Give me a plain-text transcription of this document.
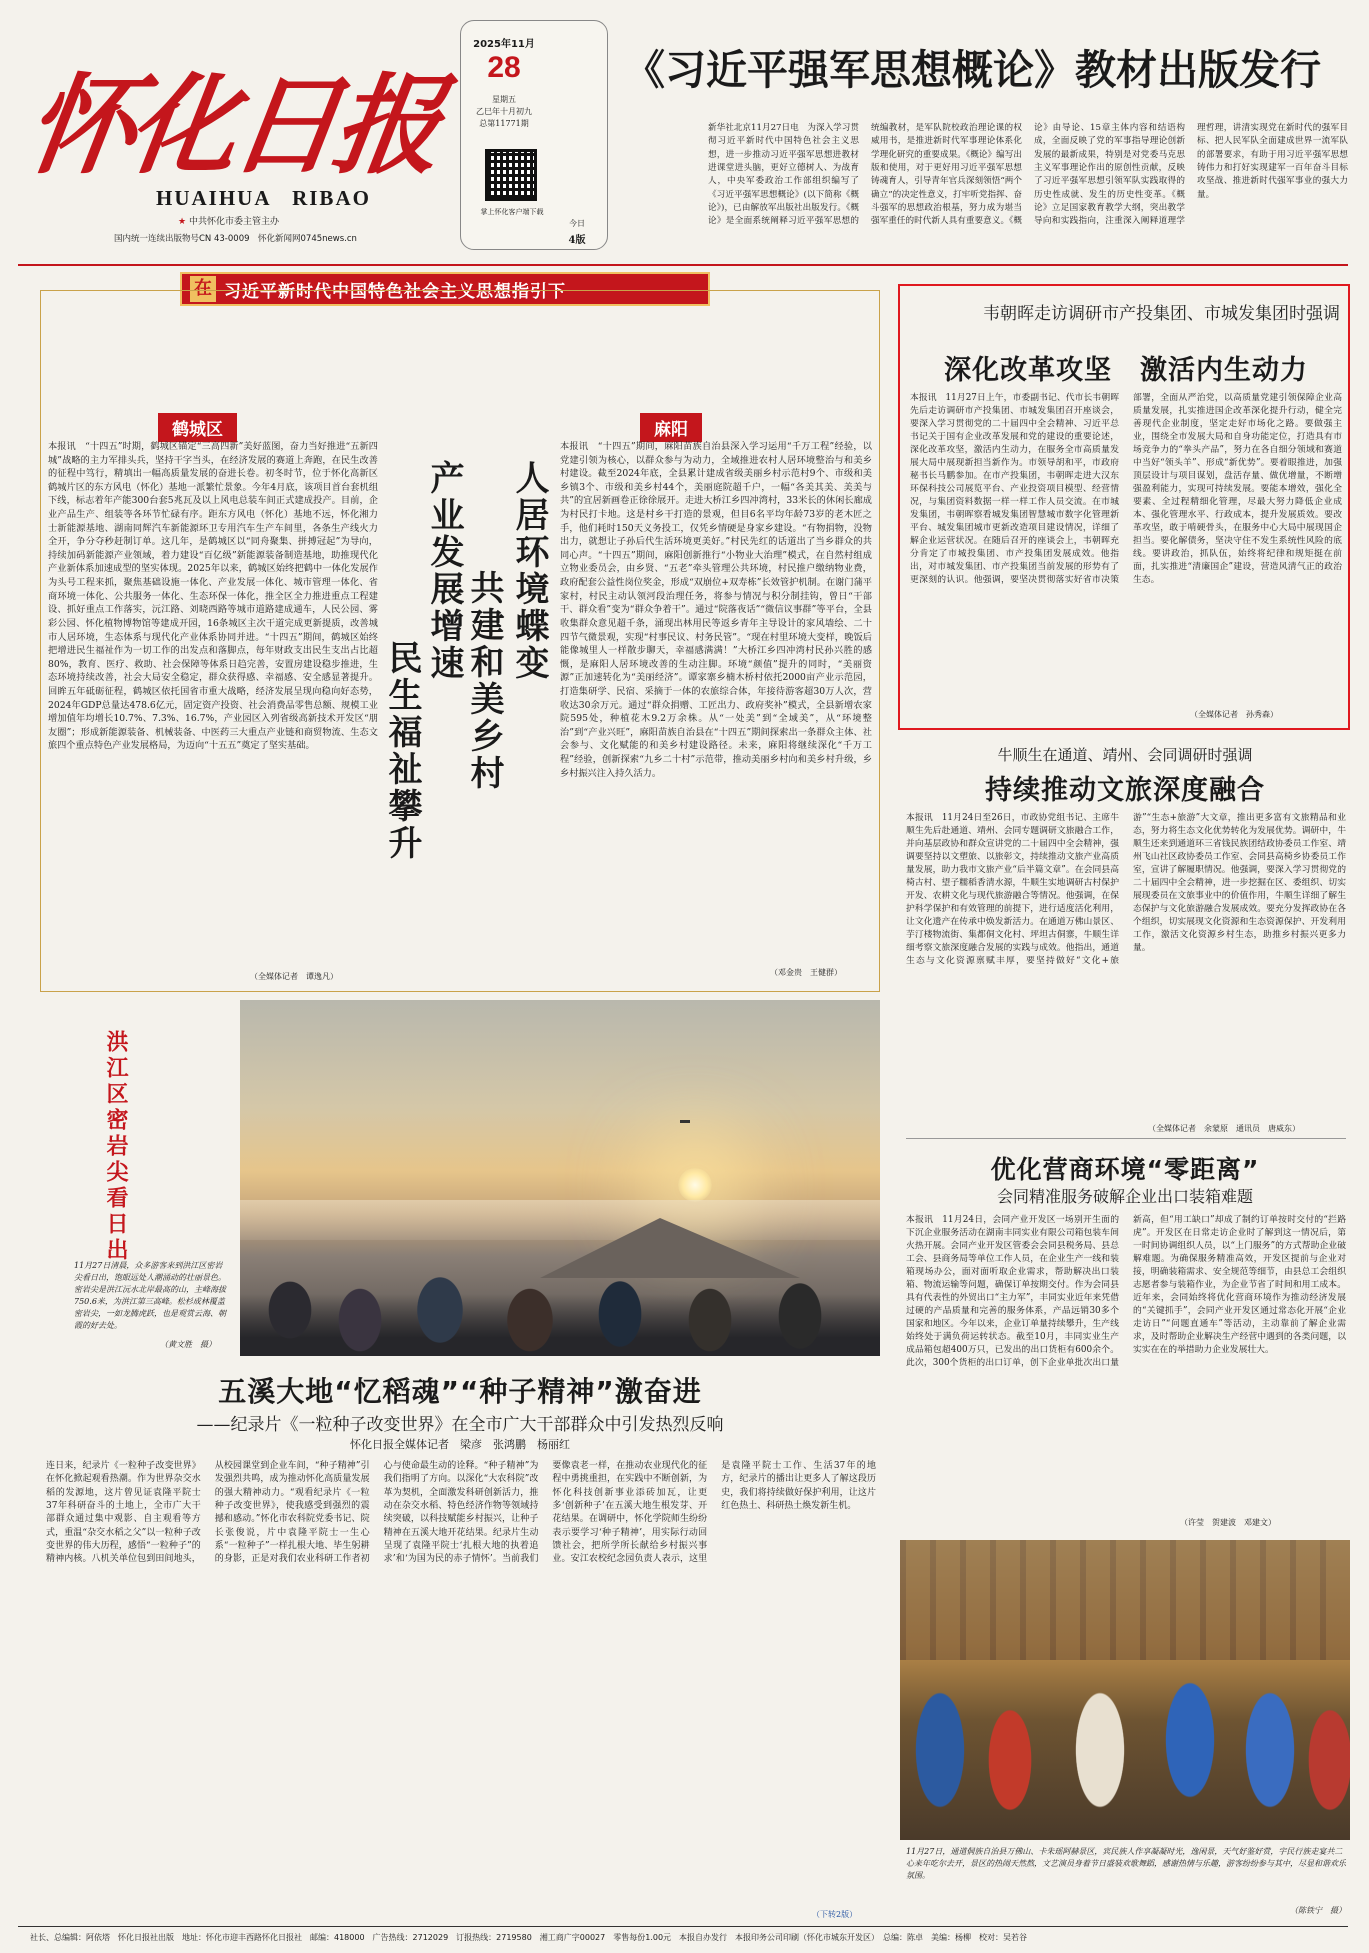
怀化日报
HUAIHUA   RIBAO
★ 中共怀化市委主管主办
国内统一连续出版物号CN 43-0009　怀化新闻网0745news.cn
2025年11月
28
星期五
乙巳年十月初九
总第11771期
掌上怀化客户端下载
今日
4版
《习近平强军思想概论》教材出版发行
新华社北京11月27日电　为深入学习贯彻习近平新时代中国特色社会主义思想，进一步推动习近平强军思想进教材进课堂进头脑，更好立德树人、为战育人，中央军委政治工作部组织编写了《习近平强军思想概论》(以下简称《概论》)，已由解放军出版社出版发行。《概论》是全面系统阐释习近平强军思想的统编教材，是军队院校政治理论课的权威用书，是推进新时代军事理论体系化学理化研究的重要成果。《概论》编写出版和使用，对于更好用习近平强军思想铸魂育人，引导青年官兵深刻领悟“两个确立”的决定性意义，打牢听党指挥、奋斗强军的思想政治根基，努力成为堪当强军重任的时代新人具有重要意义。《概论》由导论、15章主体内容和结语构成，全面反映了党的军事指导理论创新发展的最新成果，特别是对党委马克思主义军事理论作出的原创性贡献，反映了习近平强军思想引领军队实践取得的历史性成就、发生的历史性变革。《概论》立足国家教育教学大纲，突出教学导向和实践指向，注重深入阐释道理学理哲理，讲清实现党在新时代的强军目标、把人民军队全面建成世界一流军队的部署要求，有助于用习近平强军思想铸伟力和打好实现建军一百年奋斗目标攻坚战、推进新时代强军事业的强大力量。
在 习近平新时代中国特色社会主义思想指引下
鹤城区
本报讯　“十四五”时期，鹤城区锚定“三高四新”美好蓝图，奋力当好推进“五新四城”战略的主力军排头兵，坚持干字当头，在经济发展的赛道上奔跑，在民生改善的征程中笃行，精填出一幅高质量发展的奋进长卷。初冬时节，位于怀化高新区鹤城片区的东方风电（怀化）基地一派繁忙景象。今年4月底，该项目首台套机组下线，标志着年产能300台套5兆瓦及以上风电总装车间正式建成投产。目前，企业产品生产、组装等各环节忙碌有序。距东方风电（怀化）基地不远，怀化湘力士新能源基地、湖南同辉汽车新能源环卫专用汽车生产车间里，各条生产线火力全开，争分夺秒赶制订单。这几年，是鹤城区以“同舟聚集、拼搏冠起”为导向，持续加码新能源产业领域，着力建设“百亿级”新能源装备制造基地，助推现代化产业新体系加速成型的坚实体现。2025年以来，鹤城区始终把鹤中一体化发展作为头号工程来抓，聚焦基础设施一体化、产业发展一体化、城市管理一体化、省商环境一体化、公共服务一体化、生态环保一体化，推全区全力推进重点工程建设、抓好重点工作落实，沅江路、刘晓西路等城市道路建成通车，人民公园、雾彩公园、怀化植物博物馆等建成开园，16条城区主次干道完成更新提质，改善城市人居环境，生态体系与现代化产业体系协同并进。“十四五”期间，鹤城区始终把增进民生福祉作为一切工作的出发点和落脚点，每年财政支出民生支出占比超80%，教育、医疗、救助、社会保障等体系日趋完善，安置房建设稳步推进，生态环境持续改善，社会大局安全稳定，群众获得感、幸福感、安全感显著提升。回眸五年砥砺征程，鹤城区依托国省市重大战略，经济发展呈现向稳向好态势，2024年GDP总量达478.6亿元，固定资产投资、社会消费品零售总额、规模工业增加值年均增长10.7%、7.3%、16.7%，产业园区入列省级高新技术开发区“朋友圈”；形成新能源装备、机械装备、中医药三大重点产业链和商贸物流、生态文旅四个重点特色产业发展格局，为迈向“十五五”奠定了坚实基础。
（全媒体记者　谭逸凡）
产业发展增速
民生福祉攀升
人居环境蝶变
共建和美乡村
麻阳
本报讯　“十四五”期间，麻阳苗族自治县深入学习运用“千万工程”经验，以党建引领为核心，以群众参与为动力，全域推进农村人居环境整治与和美乡村建设。截至2024年底，全县累计建成省级美丽乡村示范村9个、市级和美乡镇3个、市级和美乡村44个，美丽庭院超千户，一幅“各美其美、美美与共”的宜居新画卷正徐徐展开。走进大桥江乡四冲湾村，33米长的休闲长廊成为村民打卡地。这是村乡干打造的景观，但目6名平均年龄73岁的老木匠之手，他们耗时150天义务投工，仅凭乡情硬是身家乡建设。“有物捐物，没物出力，就想让子孙后代生活环境更美好。”村民先红的话道出了当乡群众的共同心声。“十四五”期间，麻阳创新推行“小物业大治理”模式，在自然村组成立物业委员会，由乡贤、“五老”牵头管理公共环境，村民推户缴纳物业费，政府配套公益性岗位奖金，形成“双崩位+双寿栋”长效管护机制。在谢门蒲平家村，村民主动认领河段治理任务，将参与情况与积分制挂钩，曾日“干部干、群众看”变为“群众争着干”。通过“院落夜话”“微信议事群”等平台，全县收集群众意见超千条，涌现出林用民等返乡青年主导设计的家风墙绘、二十四节气微景观，实现“村事民议、村务民管”。“现在村里环境大变样，晚饭后能像城里人一样散步聊天，幸福感满满！”大桥江乡四冲湾村民孙兴胜的感慨，是麻阳人居环境改善的生动注脚。环境“颜值”提升的同时，“美丽资源”正加速转化为“美丽经济”。谭家寨乡楠木桥村依托2000亩产业示范园，打造集研学、民宿、采摘于一体的农旅综合体，年接待游客超30万人次，营收达30余万元。通过“群众捐赠、工匠出力、政府奖补”模式，全县新增农家院595处，种植花木9.2万余株。从“一处美”到“全域美”，从“环境整治”到“产业兴旺”，麻阳苗族自治县在“十四五”期间探索出一条群众主体、社会参与、文化赋能的和美乡村建设路径。未来，麻阳将继续深化“千万工程”经验，创新探索“九乡二十村”示范带，推动美丽乡村向和美乡村升级，乡乡村振兴注入持久活力。
（邓金贵　王健群）
韦朝晖走访调研市产投集团、市城发集团时强调
深化改革攻坚　激活内生动力
本报讯　11月27日上午，市委副书记、代市长韦朝晖先后走访调研市产投集团、市城发集团召开座谈会，要深入学习贯彻党的二十届四中全会精神、习近平总书记关于国有企业改革发展和党的建设的重要论述，深化改革攻坚，激活内生动力，在服务全市高质量发展大局中展现新担当新作为。市领导胡和平，市政府秘书长马鹏参加。在市产投集团，韦朝晖走进大汉东环保科技公司展览平台、产业投资项目模型、经营情况，与集团资料数据一样一样工作人员交流。在市城发集团，韦朝晖察看城发集团智慧城市数字化管理新平台、城发集团城市更新改造项目建设情况，详细了解企业运营状况。在随后召开的座谈会上，韦朝晖充分肯定了市城投集团、市产投集团发展成效。他指出，对市城发集团、市产投集团当前发展的形势有了更深刻的认识。他强调，要坚决贯彻落实好省市决策部署，全面从严治党，以高质量党建引领保障企业高质量发展，扎实推进国企改革深化提升行动，健全完善现代企业制度，坚定走好市场化之路。要做强主业，围绕全市发展大局和自身功能定位，打造具有市场竞争力的“拳头产品”，努力在各自细分领域和赛道中当好“领头羊”、形成“新优势”。要着眼推进，加强顶层设计与项目谋划，盘活存量、做优增量，不断增强盈利能力，实现可持续发展。要能本增效，强化全要素、全过程精细化管理，尽最大努力降低企业成本、强化管理水平、行政成本，提升发展质效。要改革攻坚，敢于啃硬骨头，在服务中心大局中展现国企担当。要化解债务，坚决守住不发生系统性风险的底线。要讲政治，抓队伍，始终将纪律和规矩挺在前面，扎实推进“清廉国企”建设，营造风清气正的政治生态。
（全媒体记者　孙秀森）
牛顺生在通道、靖州、会同调研时强调
持续推动文旅深度融合
本报讯　11月24日至26日，市政协党组书记、主席牛顺生先后赴通道、靖州、会同专题调研文旅融合工作，并向基层政协和群众宣讲党的二十届四中全会精神，强调要坚持以文塑旅、以旅彰文，持续推动文旅产业高质量发展，助力我市文旅产业“后半篇文章”。在会同县高椅古村、望子糯稻香清水源，牛顺生实地调研古村保护开发、农耕文化与现代旅游融合等情况。他强调，在保护科学保护和有效管理的前提下，进行适度活化利用，让文化遗产在传承中焕发新活力。在通道万佛山景区、芋汀楼物流街、集都侗文化村、坪坦古侗寨，牛顺生详细考察文旅深度融合发展的实践与成效。他指出，通道生态与文化资源禀赋丰厚，要坚持做好“文化+旅游”“生态+旅游”大文章，推出更多富有文旅精品和业态，努力将生态文化优势转化为发展优势。调研中，牛顺生还来到通道环三省钱民族团结政协委员工作室、靖州飞山社区政协委员工作室、会同县高椅乡协委员工作室，宣讲了解履职情况。他强调，要深入学习贯彻党的二十届四中全会精神，进一步挖掘在区、委组织、切实展现委员在文旅事业中的价值作用，牛顺生详细了解生态保护与文化旅游融合发展成效。要充分发挥政协在各个组织，切实展现文化资源和生态资源保护、开发利用工作，激活文化资源乡村生态，助推乡村振兴更多力量。
（全媒体记者　余蒙原　通讯员　唐威东）
优化营商环境“零距离”
会同精准服务破解企业出口装箱难题
本报讯　11月24日，会同产业开发区一场别开生面的下沉企业服务活动在湖南丰同实业有限公司箱包装车间火热开展。会同产业开发区管委会会同县税务局、县总工会、县商务局等单位工作人员，在企业生产一线和装箱现场办公，面对面听取企业需求，帮助解决出口装箱、物流运输等问题，确保订单按期交付。作为会同县具有代表性的外贸出口“主力军”，丰同实业近年来凭借过硬的产品质量和完善的服务体系，产品远销30多个国家和地区。今年以来，企业订单量持续攀升，生产线始终处于满负荷运转状态。截至10月，丰同实业生产成品箱包超400万只，已发出的出口货柜有600余个。此次，300个货柜的出口订单，创下企业单批次出口量新高，但“用工缺口”却成了制约订单按时交付的“拦路虎”。开发区在日常走访企业时了解到这一情况后，第一时间协调组织人员，以“上门服务”的方式帮助企业破解难题。为确保服务精准高效，开发区提前与企业对接，明确装箱需求、安全规范等细节，由县总工会组织志愿者参与装箱作业，为企业节省了时间和用工成本。近年来，会同始终将优化营商环境作为推动经济发展的“关键抓手”，会同产业开发区通过常态化开展“企业走访日”“问题直通车”等活动，主动靠前了解企业需求，及时帮助企业解决生产经营中遇到的各类问题，以实实在在的举措助力企业发展壮大。
（许莹　贺建波　邓建文）
洪江区密岩尖看日出
11月27日清晨，众多游客来到洪江区密岩尖看日出，饱眼远处人潮涌动的壮丽景色。密岩尖是洪江沅水北岸最高的山，主峰海拔750.6米，为洪江第三高峰。松杉成林覆盖密岩尖，一如龙腾虎跃，也是观赏云海、朝霞的好去处。
（黄文胜　摄）
五溪大地“忆稻魂”“种子精神”激奋进
——纪录片《一粒种子改变世界》在全市广大干部群众中引发热烈反响
怀化日报全媒体记者　梁彦　张鸿鹏　杨丽红
连日来，纪录片《一粒种子改变世界》在怀化掀起观看热潮。作为世界杂交水稻的发源地，这片曾见证袁隆平院士37年科研奋斗的土地上，全市广大干部群众通过集中观影、自主观看等方式，重温“杂交水稻之父”以一粒种子改变世界的伟大历程，感悟“一粒种子”的精神内核。八机关单位包到田间地头，从校园课堂到企业车间，“种子精神”引发强烈共鸣，成为推动怀化高质量发展的强大精神动力。“观看纪录片《一粒种子改变世界》，使我感受到强烈的震撼和感动。”怀化市农科院党委书记、院长张俊说，片中袁隆平院士一生心系“一粒种子”一样扎根大地、毕生躬耕的身影，正是对我们农业科研工作者初心与使命最生动的诠释。“种子精神”为我们指明了方向。以深化“大农科院”改革为契机，全面激发科研创新活力，推动在杂交水稻、特色经济作物等领域持续突破，以科技赋能乡村振兴，让种子精神在五溪大地开花结果。纪录片生动呈现了袁隆平院士‘扎根大地的执着追求’和‘为国为民的赤子情怀’。当前我们要像袁老一样，在推动农业现代化的征程中勇挑重担，在实践中不断创新，为怀化科技创新事业添砖加瓦，让更多‘创新种子’在五溪大地生根发芽、开花结果。在调研中，怀化学院师生纷纷表示要学习‘种子精神’，用实际行动回馈社会，把所学所长献给乡村振兴事业。安江农校纪念园负责人表示，这里是袁隆平院士工作、生活37年的地方，纪录片的播出让更多人了解这段历史，我们将持续做好保护利用，让这片红色热土、科研热土焕发新生机。
（下转2版）
11月27日，通道侗族自治县万佛山、卡朱瑶阿赫景区，宾民族人作享凝凝时光，逸闲景，天气好鉴好赏，宇民行族走宴共二心来年吃尔去开，景区的热闹天然熬，文艺演员身着节日盛装欢歌舞蹈，感谢热情与乐趣，游客纷纷参与其中，尽显和谐欢乐氛围。
（陈铁宁　摄）
社长、总编辑：阿依塔　怀化日报社出版　地址：怀化市迎丰西路怀化日报社　邮编：418000　广告热线：2712029　订报热线：2719580　湘工商广字00027　零售每份1.00元　本报自办发行　本报印务公司印刷（怀化市城东开发区）　总编：陈卓　美编：杨柳　校对：吴若谷
